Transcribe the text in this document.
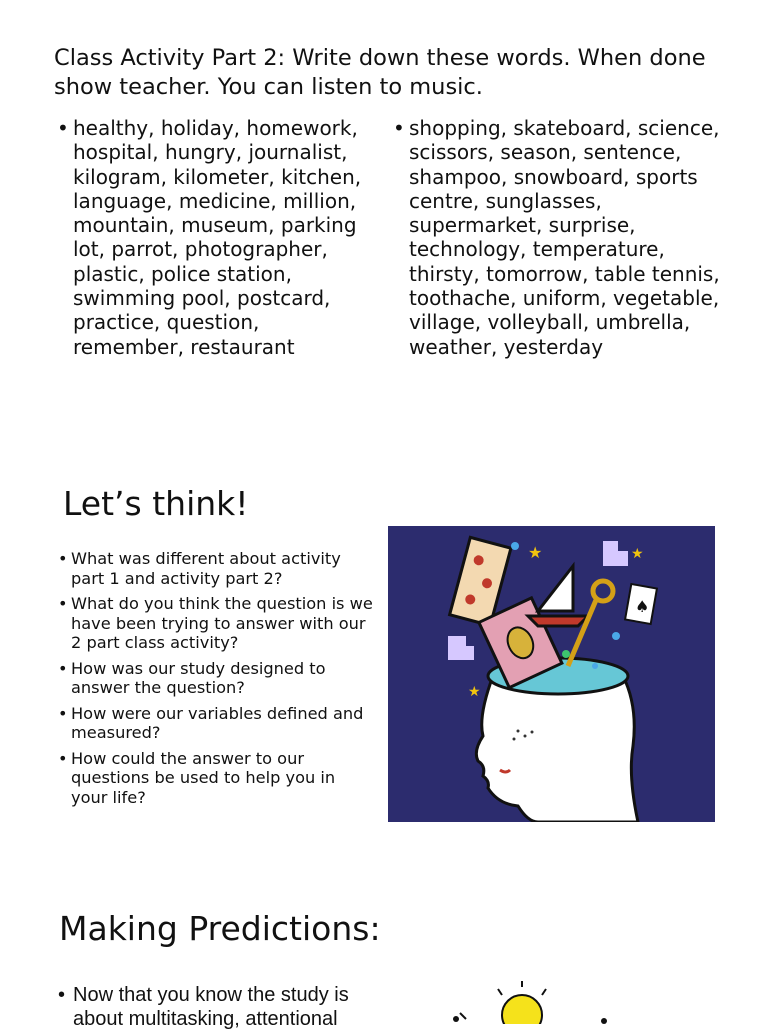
Class Activity Part 2: Write down these words. When done show teacher. You can listen to music.
• healthy, holiday, homework, hospital, hungry, journalist, kilogram, kilometer, kitchen, language, medicine, million, mountain, museum, parking lot, parrot, photographer, plastic, police station, swimming pool, postcard, practice, question, remember, restaurant
• shopping, skateboard, science, scissors, season, sentence, shampoo, snowboard, sports centre, sunglasses, supermarket, surprise, technology, temperature, thirsty, tomorrow, table tennis, toothache, uniform, vegetable, village, volleyball, umbrella, weather, yesterday
Let’s think!
• What was different about activity part 1 and activity part 2?
• What do you think the question is we have been trying to answer with our 2 part class activity?
• How was our study designed to answer the question?
• How were our variables defined and measured?
• How could the answer to our questions be used to help you in your life?
♠
★	★
★
Making Predictions:
• Now that you know the study is about multitasking, attentional
